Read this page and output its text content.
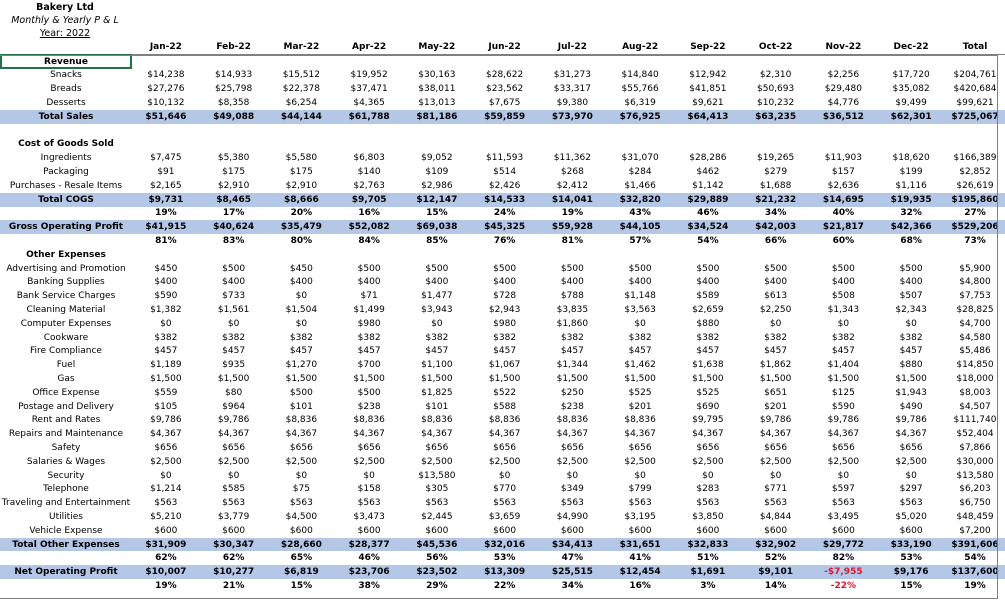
Bakery Ltd
Monthly & Yearly P & L
Year: 2022
	Jan-22	Feb-22	Mar-22	Apr-22	May-22	Jun-22	Jul-22	Aug-22	Sep-22	Oct-22	Nov-22	Dec-22	Total
Revenue													
Snacks	$14,238	$14,933	$15,512	$19,952	$30,163	$28,622	$31,273	$14,840	$12,942	$2,310	$2,256	$17,720	$204,761
Breads	$27,276	$25,798	$22,378	$37,471	$38,011	$23,562	$33,317	$55,766	$41,851	$50,693	$29,480	$35,082	$420,684
Desserts	$10,132	$8,358	$6,254	$4,365	$13,013	$7,675	$9,380	$6,319	$9,621	$10,232	$4,776	$9,499	$99,621
Total Sales	$51,646	$49,088	$44,144	$61,788	$81,186	$59,859	$73,970	$76,925	$64,413	$63,235	$36,512	$62,301	$725,067

Cost of Goods Sold													
Ingredients	$7,475	$5,380	$5,580	$6,803	$9,052	$11,593	$11,362	$31,070	$28,286	$19,265	$11,903	$18,620	$166,389
Packaging	$91	$175	$175	$140	$109	$514	$268	$284	$462	$279	$157	$199	$2,852
Purchases - Resale Items	$2,165	$2,910	$2,910	$2,763	$2,986	$2,426	$2,412	$1,466	$1,142	$1,688	$2,636	$1,116	$26,619
Total COGS	$9,731	$8,465	$8,666	$9,705	$12,147	$14,533	$14,041	$32,820	$29,889	$21,232	$14,695	$19,935	$195,860
	19%	17%	20%	16%	15%	24%	19%	43%	46%	34%	40%	32%	27%
Gross Operating Profit	$41,915	$40,624	$35,479	$52,082	$69,038	$45,325	$59,928	$44,105	$34,524	$42,003	$21,817	$42,366	$529,206
	81%	83%	80%	84%	85%	76%	81%	57%	54%	66%	60%	68%	73%
Other Expenses													
Advertising and Promotion	$450	$500	$450	$500	$500	$500	$500	$500	$500	$500	$500	$500	$5,900
Banking Supplies	$400	$400	$400	$400	$400	$400	$400	$400	$400	$400	$400	$400	$4,800
Bank Service Charges	$590	$733	$0	$71	$1,477	$728	$788	$1,148	$589	$613	$508	$507	$7,753
Cleaning Material	$1,382	$1,561	$1,504	$1,499	$3,943	$2,943	$3,835	$3,563	$2,659	$2,250	$1,343	$2,343	$28,825
Computer Expenses	$0	$0	$0	$980	$0	$980	$1,860	$0	$880	$0	$0	$0	$4,700
Cookware	$382	$382	$382	$382	$382	$382	$382	$382	$382	$382	$382	$382	$4,580
Fire Compliance	$457	$457	$457	$457	$457	$457	$457	$457	$457	$457	$457	$457	$5,486
Fuel	$1,189	$935	$1,270	$700	$1,100	$1,067	$1,344	$1,462	$1,638	$1,862	$1,404	$880	$14,850
Gas	$1,500	$1,500	$1,500	$1,500	$1,500	$1,500	$1,500	$1,500	$1,500	$1,500	$1,500	$1,500	$18,000
Office Expense	$559	$80	$500	$500	$1,825	$522	$250	$525	$525	$651	$125	$1,943	$8,003
Postage and Delivery	$105	$964	$101	$238	$101	$588	$238	$201	$690	$201	$590	$490	$4,507
Rent and Rates	$9,786	$9,786	$8,836	$8,836	$8,836	$8,836	$8,836	$8,836	$9,795	$9,786	$9,786	$9,786	$111,740
Repairs and Maintenance	$4,367	$4,367	$4,367	$4,367	$4,367	$4,367	$4,367	$4,367	$4,367	$4,367	$4,367	$4,367	$52,404
Safety	$656	$656	$656	$656	$656	$656	$656	$656	$656	$656	$656	$656	$7,866
Salaries & Wages	$2,500	$2,500	$2,500	$2,500	$2,500	$2,500	$2,500	$2,500	$2,500	$2,500	$2,500	$2,500	$30,000
Security	$0	$0	$0	$0	$13,580	$0	$0	$0	$0	$0	$0	$0	$13,580
Telephone	$1,214	$585	$75	$158	$305	$770	$349	$799	$283	$771	$597	$297	$6,203
Traveling and Entertainment	$563	$563	$563	$563	$563	$563	$563	$563	$563	$563	$563	$563	$6,750
Utilities	$5,210	$3,779	$4,500	$3,473	$2,445	$3,659	$4,990	$3,195	$3,850	$4,844	$3,495	$5,020	$48,459
Vehicle Expense	$600	$600	$600	$600	$600	$600	$600	$600	$600	$600	$600	$600	$7,200
Total Other Expenses	$31,909	$30,347	$28,660	$28,377	$45,536	$32,016	$34,413	$31,651	$32,833	$32,902	$29,772	$33,190	$391,606
	62%	62%	65%	46%	56%	53%	47%	41%	51%	52%	82%	53%	54%
Net Operating Profit	$10,007	$10,277	$6,819	$23,706	$23,502	$13,309	$25,515	$12,454	$1,691	$9,101	-$7,955	$9,176	$137,600
	19%	21%	15%	38%	29%	22%	34%	16%	3%	14%	-22%	15%	19%
